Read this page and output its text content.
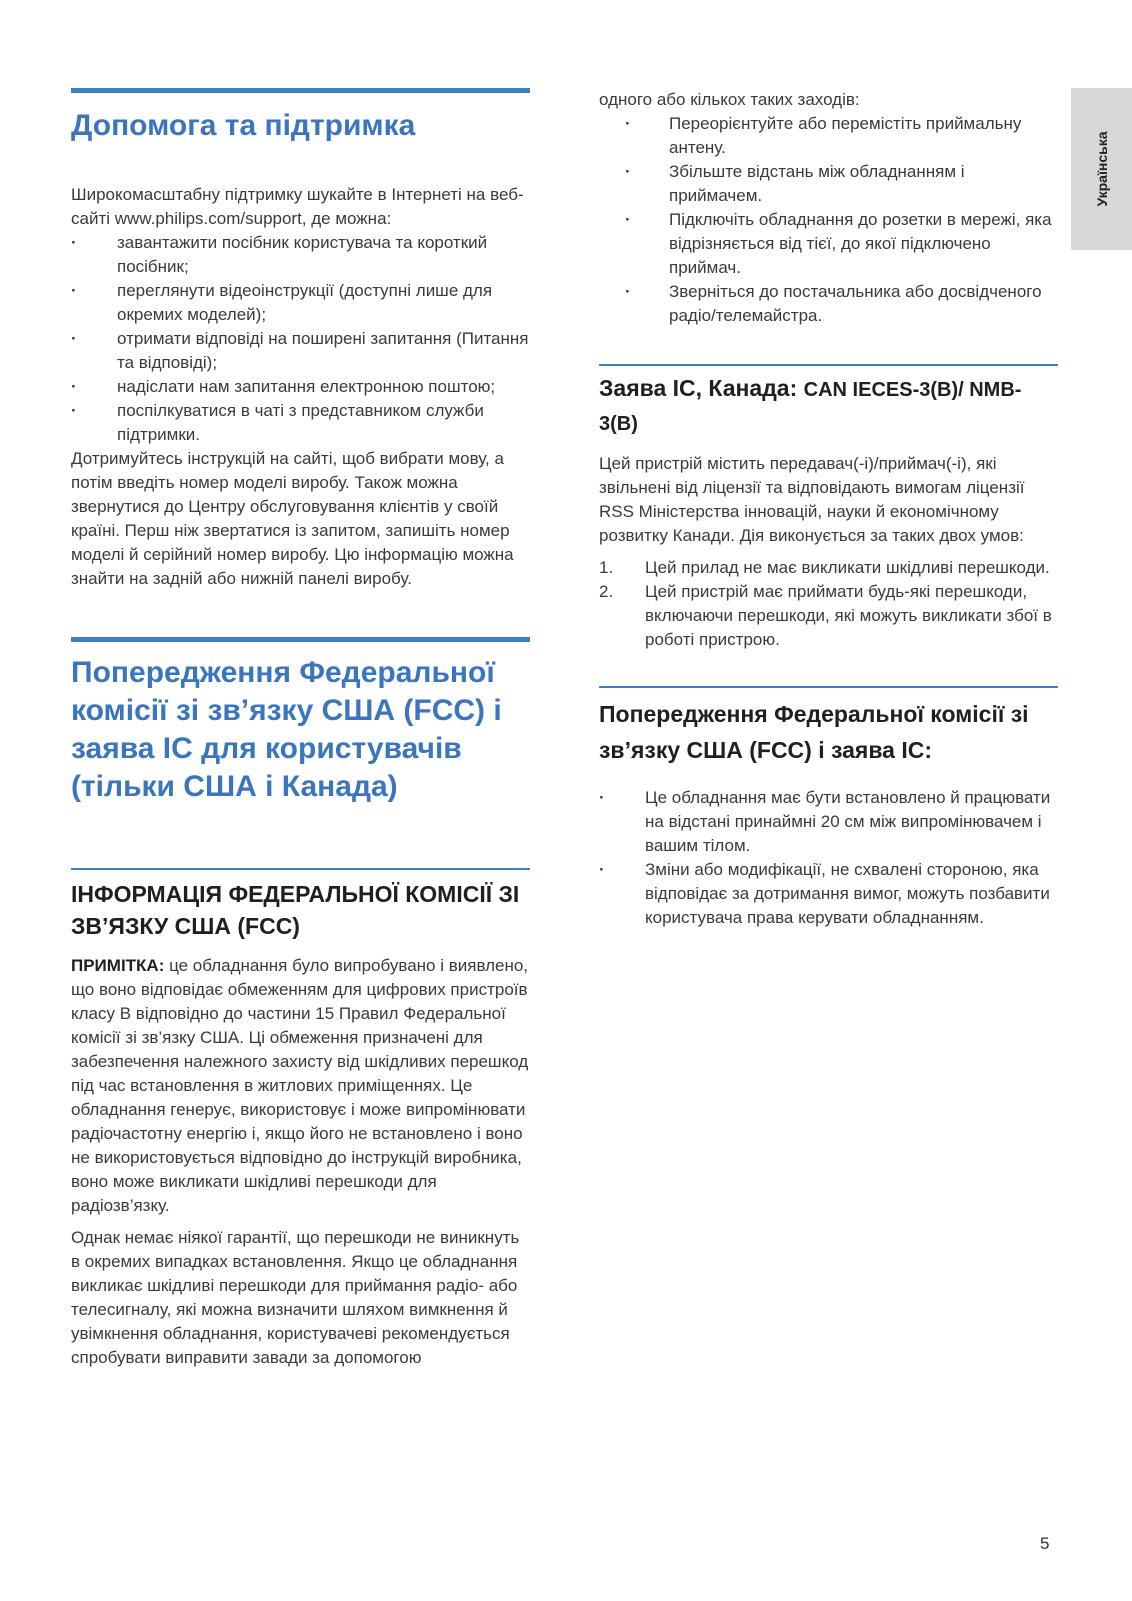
Допомога та підтримка

Широкомасштабну підтримку шукайте в Інтернеті на веб-сайті www.philips.com/support, де можна:

· завантажити посібник користувача та короткий посібник;
· переглянути відеоінструкції (доступні лише для окремих моделей);
· отримати відповіді на поширені запитання (Питання та відповіді);
· надіслати нам запитання електронною поштою;
· поспілкуватися в чаті з представником служби підтримки.

Дотримуйтесь інструкцій на сайті, щоб вибрати мову, а потім введіть номер моделі виробу. Також можна звернутися до Центру обслуговування клієнтів у своїй країні. Перш ніж звертатися із запитом, запишіть номер моделі й серійний номер виробу. Цю інформацію можна знайти на задній або нижній панелі виробу.

Попередження Федеральної комісії зі зв’язку США (FCC) і заява IC для користувачів (тільки США і Канада)
ІНФОРМАЦІЯ ФЕДЕРАЛЬНОЇ КОМІСІЇ ЗІ ЗВ’ЯЗКУ США (FCC)

ПРИМІТКА: це обладнання було випробувано і виявлено, що воно відповідає обмеженням для цифрових пристроїв класу B відповідно до частини 15 Правил Федеральної комісії зі зв’язку США. Ці обмеження призначені для забезпечення належного захисту від шкідливих перешкод під час встановлення в житлових приміщеннях. Це обладнання генерує, використовує і може випромінювати радіочастотну енергію і, якщо його не встановлено і воно не використовується відповідно до інструкцій виробника, воно може викликати шкідливі перешкоди для радіозв’язку.

Однак немає ніякої гарантії, що перешкоди не виникнуть в окремих випадках встановлення. Якщо це обладнання викликає шкідливі перешкоди для приймання радіо- або телесигналу, які можна визначити шляхом вимкнення й увімкнення обладнання, користувачеві рекомендується спробувати виправити завади за допомогою

одного або кількох таких заходів:

· Переорієнтуйте або перемістіть приймальну антену.
· Збільште відстань між обладнанням і приймачем.
· Підключіть обладнання до розетки в мережі, яка відрізняється від тієї, до якої підключено приймач.
· Зверніться до постачальника або досвідченого радіо/телемайстра.
Заява IC, Канада: CAN IECES-3(B)/ NMB-3(B)

Цей пристрій містить передавач(-і)/приймач(-і), які звільнені від ліцензії та відповідають вимогам ліцензії RSS Міністерства інновацій, науки й економічному розвитку Канади. Дія виконується за таких двох умов:

1. Цей прилад не має викликати шкідливі перешкоди.
2. Цей пристрій має приймати будь-які перешкоди, включаючи перешкоди, які можуть викликати збої в роботі пристрою.
Попередження Федеральної комісії зі зв’язку США (FCC) і заява IC:
· Це обладнання має бути встановлено й працювати на відстані принаймні 20 см між випромінювачем і вашим тілом.
· Зміни або модифікації, не схвалені стороною, яка відповідає за дотримання вимог, можуть позбавити користувача права керувати обладнанням.
Українська
5
